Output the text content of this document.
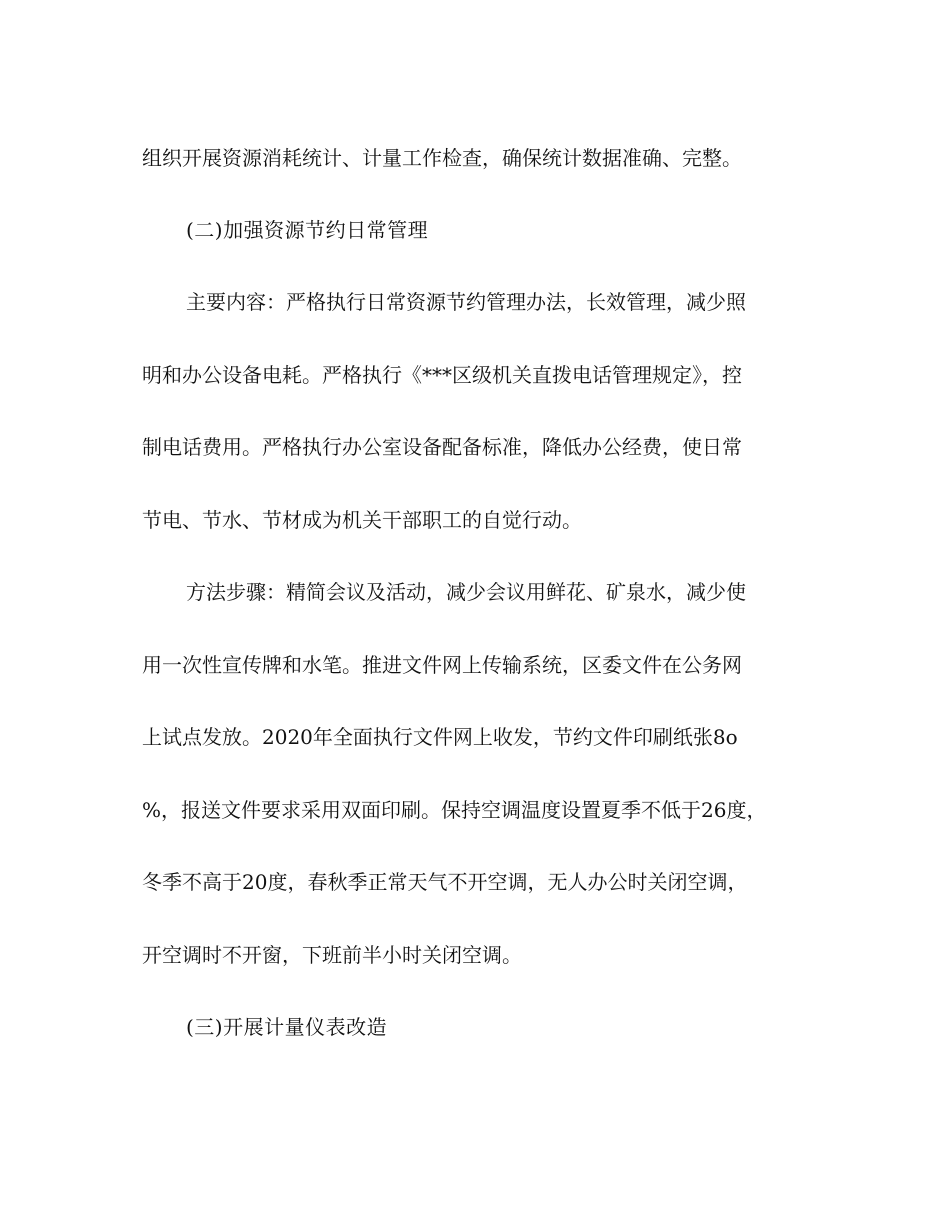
组织开展资源消耗统计、计量工作检查，确保统计数据准确、完整。

(二)加强资源节约日常管理

主要内容：严格执行日常资源节约管理办法，长效管理，减少照

明和办公设备电耗。严格执行《***区级机关直拨电话管理规定》，控

制电话费用。严格执行办公室设备配备标准，降低办公经费，使日常

节电、节水、节材成为机关干部职工的自觉行动。

方法步骤：精简会议及活动，减少会议用鲜花、矿泉水，减少使

用一次性宣传牌和水笔。推进文件网上传输系统，区委文件在公务网

上试点发放。2020年全面执行文件网上收发，节约文件印刷纸张8o

%，报送文件要求采用双面印刷。保持空调温度设置夏季不低于26度，

冬季不高于20度，春秋季正常天气不开空调，无人办公时关闭空调，

开空调时不开窗，下班前半小时关闭空调。

(三)开展计量仪表改造
